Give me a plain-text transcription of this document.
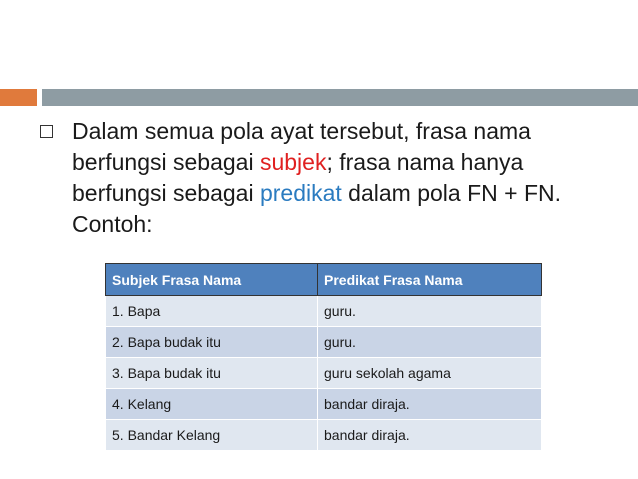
Dalam semua pola ayat tersebut, frasa nama berfungsi sebagai subjek; frasa nama hanya berfungsi sebagai predikat dalam pola FN + FN. Contoh:
Subjek Frasa Nama	Predikat Frasa Nama
1. Bapa	guru.
2. Bapa budak itu	guru.
3. Bapa budak itu	guru sekolah agama
4. Kelang	bandar diraja.
5. Bandar Kelang	bandar diraja.
